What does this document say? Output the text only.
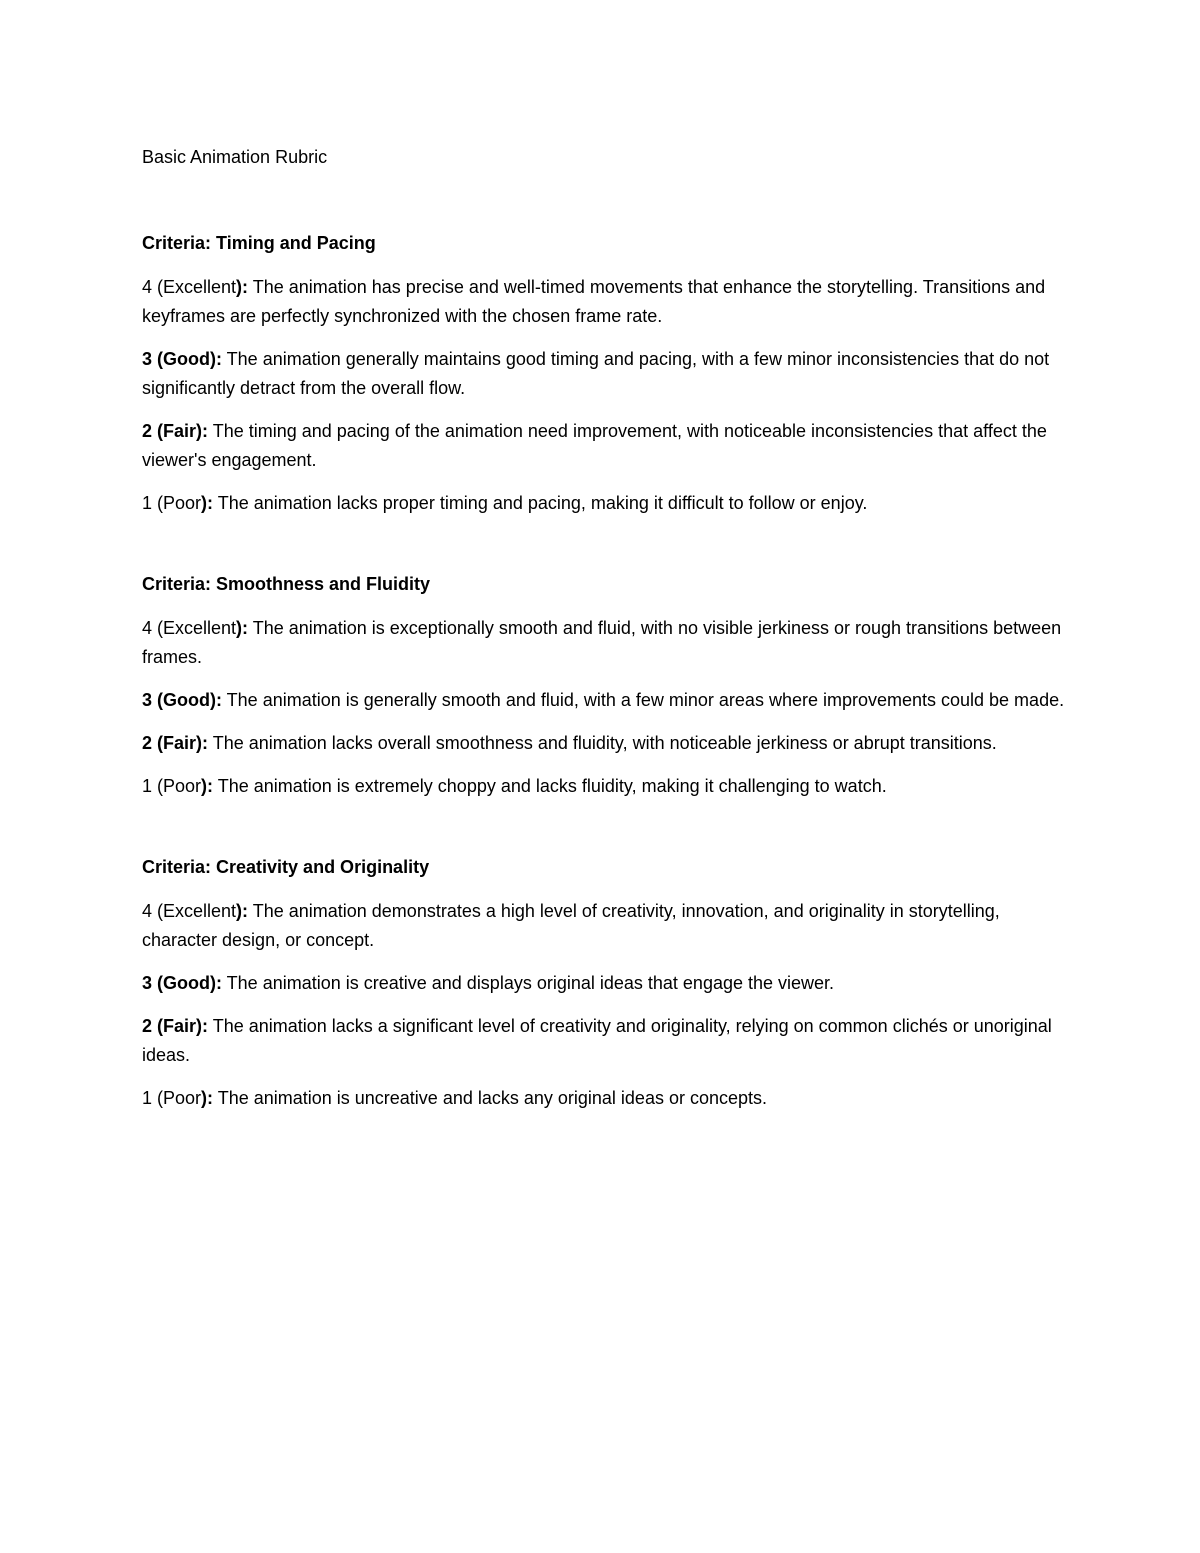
Basic Animation Rubric
Criteria: Timing and Pacing

4 (Excellent): The animation has precise and well-timed movements that enhance the storytelling. Transitions and keyframes are perfectly synchronized with the chosen frame rate.

3 (Good): The animation generally maintains good timing and pacing, with a few minor inconsistencies that do not significantly detract from the overall flow.

2 (Fair): The timing and pacing of the animation need improvement, with noticeable inconsistencies that affect the viewer's engagement.

1 (Poor): The animation lacks proper timing and pacing, making it difficult to follow or enjoy.

Criteria: Smoothness and Fluidity

4 (Excellent): The animation is exceptionally smooth and fluid, with no visible jerkiness or rough transitions between frames.

3 (Good): The animation is generally smooth and fluid, with a few minor areas where improvements could be made.

2 (Fair): The animation lacks overall smoothness and fluidity, with noticeable jerkiness or abrupt transitions.

1 (Poor): The animation is extremely choppy and lacks fluidity, making it challenging to watch.

Criteria: Creativity and Originality

4 (Excellent): The animation demonstrates a high level of creativity, innovation, and originality in storytelling, character design, or concept.

3 (Good): The animation is creative and displays original ideas that engage the viewer.

2 (Fair): The animation lacks a significant level of creativity and originality, relying on common clichés or unoriginal ideas.

1 (Poor): The animation is uncreative and lacks any original ideas or concepts.
